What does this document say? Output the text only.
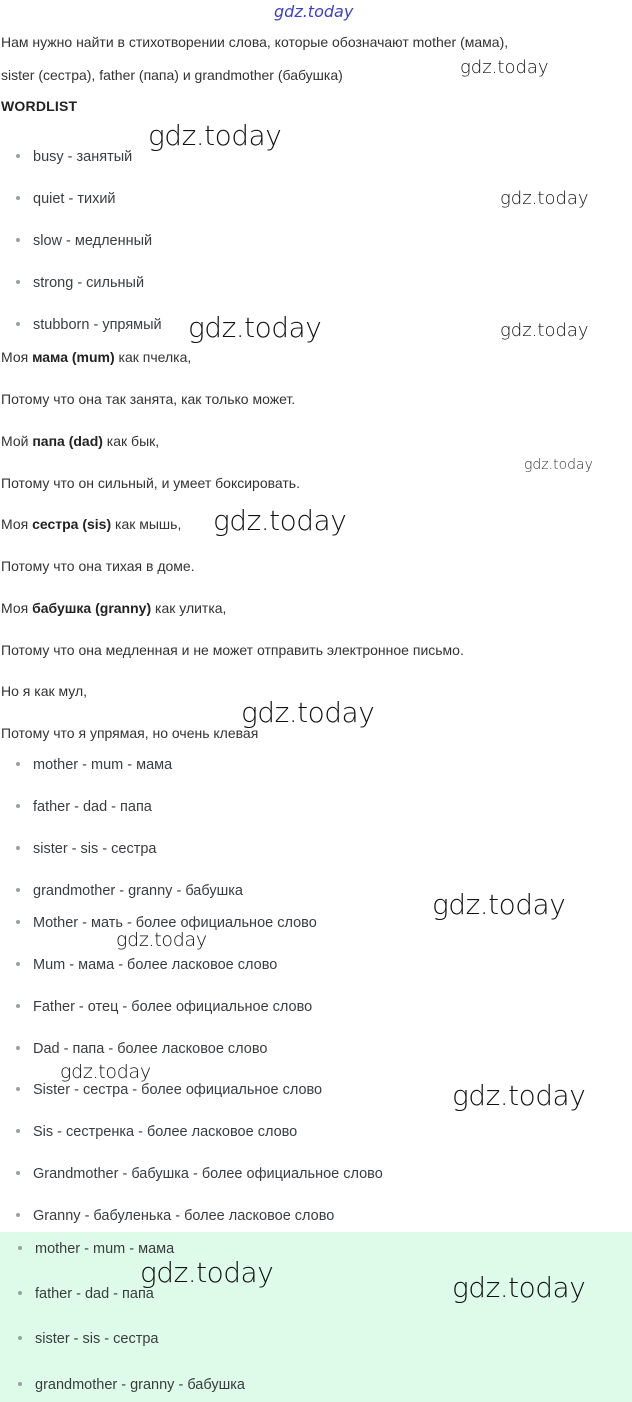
Нам нужно найти в стихотворении слова, которые обозначают mother (мама),
sister (сестра), father (папа) и grandmother (бабушка)
WORDLIST
busy - занятый
quiet - тихий
slow - медленный
strong - сильный
stubborn - упрямый
Моя мама (mum) как пчелка,
Потому что она так занята, как только может.
Мой папа (dad) как бык,
Потому что он сильный, и умеет боксировать.
Моя сестра (sis) как мышь,
Потому что она тихая в доме.
Моя бабушка (granny) как улитка,
Потому что она медленная и не может отправить электронное письмо.
Но я как мул,
Потому что я упрямая, но очень клевая
mother - mum - мама
father - dad - папа
sister - sis - сестра
grandmother - granny - бабушка
Mother - мать - более официальное слово
Mum - мама - более ласковое слово
Father - отец - более официальное слово
Dad - папа - более ласковое слово
Sister - сестра - более официальное слово
Sis - сестренка - более ласковое слово
Grandmother - бабушка - более официальное слово
Granny - бабуленька - более ласковое слово
mother - mum - мама
father - dad - папа
sister - sis - сестра
grandmother - granny - бабушка
gdz.today
gdz.today
gdz.today
gdz.today
gdz.today	gdz.today
gdz.today
gdz.today
gdz.today
gdz.today
gdz.today
gdz.today
gdz.today
gdz.today	gdz.today
